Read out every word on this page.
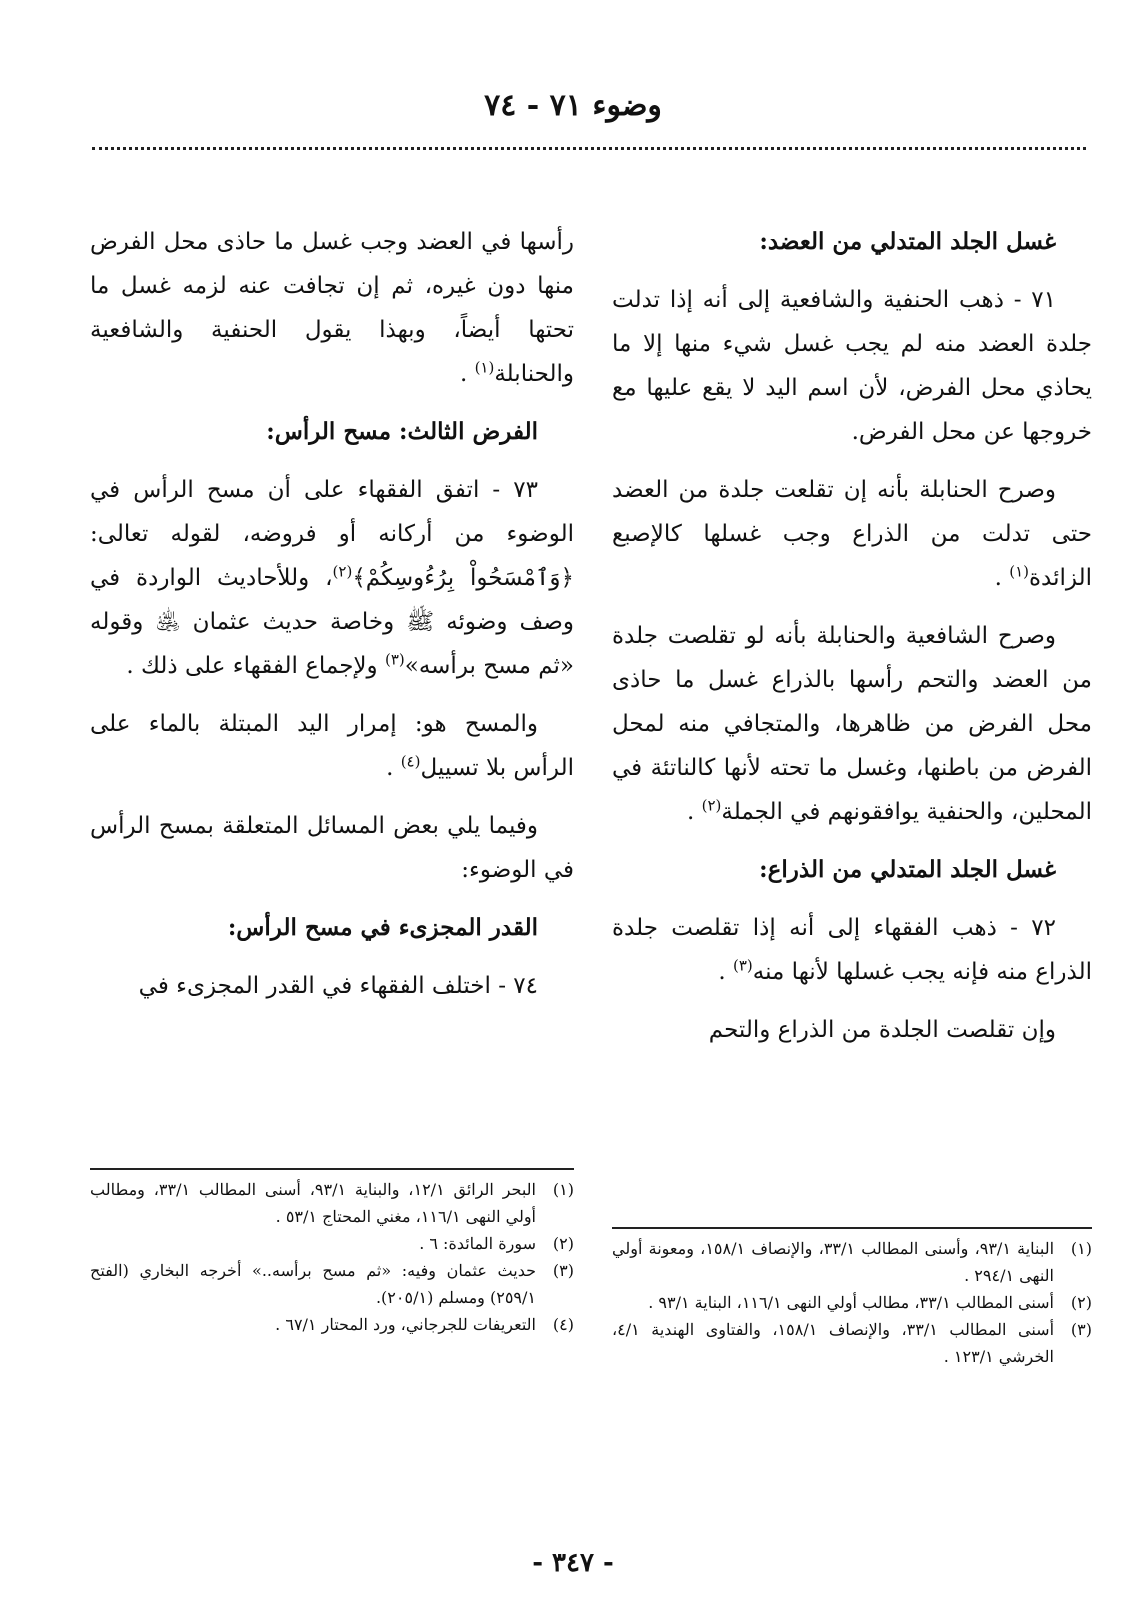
وضوء ٧١ - ٧٤

غسل الجلد المتدلي من العضد:

٧١ - ذهب الحنفية والشافعية إلى أنه إذا تدلت جلدة العضد منه لم يجب غسل شيء منها إلا ما يحاذي محل الفرض، لأن اسم اليد لا يقع عليها مع خروجها عن محل الفرض.

وصرح الحنابلة بأنه إن تقلعت جلدة من العضد حتى تدلت من الذراع وجب غسلها كالإصبع الزائدة$^{(١)}$ .

وصرح الشافعية والحنابلة بأنه لو تقلصت جلدة من العضد والتحم رأسها بالذراع غسل ما حاذى محل الفرض من ظاهرها، والمتجافي منه لمحل الفرض من باطنها، وغسل ما تحته لأنها كالناتئة في المحلين، والحنفية يوافقونهم في الجملة$^{(٢)}$ .

غسل الجلد المتدلي من الذراع:

٧٢ - ذهب الفقهاء إلى أنه إذا تقلصت جلدة الذراع منه فإنه يجب غسلها لأنها منه$^{(٣)}$ .

وإن تقلصت الجلدة من الذراع والتحم

(١)
البناية ٩٣/١، وأسنى المطالب ٣٣/١، والإنصاف ١٥٨/١، ومعونة أولي النهى ٢٩٤/١ .

(٢)
أسنى المطالب ٣٣/١، مطالب أولي النهى ١١٦/١، البناية ٩٣/١ .

(٣)
أسنى المطالب ٣٣/١، والإنصاف ١٥٨/١، والفتاوى الهندية ٤/١، الخرشي ١٢٣/١ .

رأسها في العضد وجب غسل ما حاذى محل الفرض منها دون غيره، ثم إن تجافت عنه لزمه غسل ما تحتها أيضاً، وبهذا يقول الحنفية والشافعية والحنابلة$^{(١)}$ .

الفرض الثالث: مسح الرأس:

٧٣ - اتفق الفقهاء على أن مسح الرأس في الوضوء من أركانه أو فروضه، لقوله تعالى: ﴿وَٱمْسَحُواْ بِرُءُوسِكُمْ﴾$^{(٢)}$، وللأحاديث الواردة في وصف وضوئه ﷺ وخاصة حديث عثمان ﵁ وقوله «ثم مسح برأسه»$^{(٣)}$ ولإجماع الفقهاء على ذلك .

والمسح هو: إمرار اليد المبتلة بالماء على الرأس بلا تسييل$^{(٤)}$ .

وفيما يلي بعض المسائل المتعلقة بمسح الرأس في الوضوء:

القدر المجزىء في مسح الرأس:

٧٤ - اختلف الفقهاء في القدر المجزىء في

(١)
البحر الرائق ١٢/١، والبناية ٩٣/١، أسنى المطالب ٣٣/١، ومطالب أولي النهى ١١٦/١، مغني المحتاج ٥٣/١ .

(٢)
سورة المائدة: ٦ .

(٣)
حديث عثمان وفيه: «ثم مسح برأسه..» أخرجه البخاري (الفتح ٢٥٩/١) ومسلم (٢٠٥/١).

(٤)
التعريفات للجرجاني، ورد المحتار ٦٧/١ .

- ٣٤٧ -
